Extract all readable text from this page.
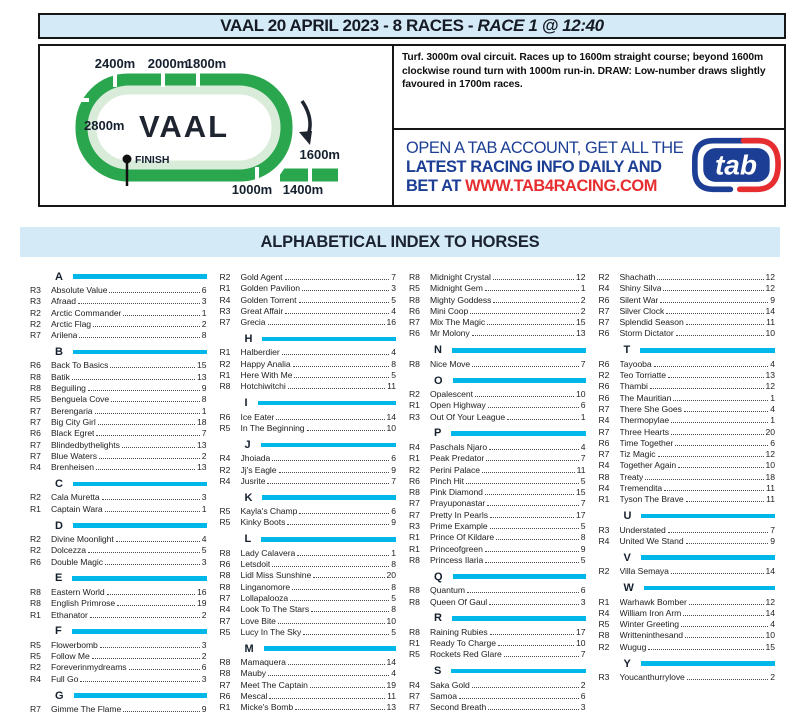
VAAL 20 APRIL 2023 - 8 RACES - RACE 1 @ 12:40
2400m 2000m
1800m
2800m
1600m
1000m 1400m
VAAL
FINISH
Turf. 3000m oval circuit. Races up to 1600m straight course; beyond 1600m clockwise round turn with 1000m run-in. DRAW: Low-number draws slightly favoured in 1700m races.
OPEN A TAB ACCOUNT, GET ALL THE
LATEST RACING INFO DAILY AND
BET AT WWW.TAB4RACING.COM
tab
ALPHABETICAL INDEX TO HORSES
A
R3	Absolute Value	6
R3	Afraad	3
R2	Arctic Commander	1
R2	Arctic Flag	2
R7	Arilena	8
B
R6	Back To Basics	15
R8	Batik	13
R8	Beguiling	9
R5	Benguela Cove	8
R7	Berengaria	1
R7	Big City Girl	18
R6	Black Egret	7
R7	Blindedbythelights	13
R7	Blue Waters	2
R4	Brenheisen	13
C
R2	Cala Muretta	3
R1	Captain Wara	1
D
R2	Divine Moonlight	4
R2	Dolcezza	5
R6	Double Magic	3
E
R8	Eastern World	16
R8	English Primrose	19
R1	Ethanator	2
F
R5	Flowerbomb	3
R5	Follow Me	2
R2	Foreverinmydreams	6
R4	Full Go	3
G
R7	Gimme The Flame	9
R2	Gold Agent	7
R1	Golden Pavilion	3
R4	Golden Torrent	5
R3	Great Affair	4
R7	Grecia	16
H
R1	Halberdier	4
R2	Happy Analia	8
R1	Here With Me	5
R8	Hotchiwitchi	11
I
R6	Ice Eater	14
R5	In The Beginning	10
J
R4	Jhoiada	6
R2	Jj's Eagle	9
R4	Jusrite	7
K
R5	Kayla's Champ	6
R5	Kinky Boots	9
L
R8	Lady Calavera	1
R6	Letsdoit	8
R8	Lidl Miss Sunshine	20
R8	Linganomore	8
R7	Lollapalooza	5
R4	Look To The Stars	8
R7	Love Bite	10
R5	Lucy In The Sky	5
M
R8	Mamaquera	14
R8	Mauby	4
R7	Meet The Captain	19
R6	Mescal	11
R1	Micke's Bomb	13
R8	Midnight Crystal	12
R5	Midnight Gem	1
R8	Mighty Goddess	2
R6	Mini Coop	2
R7	Mix The Magic	15
R6	Mr Molony	13
N
R8	Nice Move	7
O
R2	Opalescent	10
R1	Open Highway	6
R3	Out Of Your League	1
P
R4	Paschals Njaro	4
R1	Peak Predator	7
R2	Perini Palace	11
R6	Pinch Hit	5
R8	Pink Diamond	15
R7	Prayuponastar	7
R7	Pretty In Pearls	17
R3	Prime Example	5
R1	Prince Of Kildare	8
R1	Princeofgreen	9
R8	Princess Ilaria	5
Q
R8	Quantum	6
R8	Queen Of Gaul	3
R
R8	Raining Rubies	17
R1	Ready To Charge	10
R5	Rockets Red Glare	7
S
R4	Saka Gold	2
R7	Samoa	6
R7	Second Breath	3
R2	Shachath	12
R4	Shiny Silva	12
R6	Silent War	9
R7	Silver Clock	14
R7	Splendid Season	11
R6	Storm Dictator	10
T
R6	Tayooba	4
R2	Teo Torriatte	13
R6	Thambi	12
R6	The Mauritian	1
R7	There She Goes	4
R4	Thermopylae	1
R7	Three Hearts	20
R6	Time Together	6
R7	Tiz Magic	12
R4	Together Again	10
R8	Treaty	18
R4	Tremendita	11
R1	Tyson The Brave	11
U
R3	Understated	7
R4	United We Stand	9
V
R2	Villa Semaya	14
W
R1	Warhawk Bomber	12
R4	William Iron Arm	14
R5	Winter Greeting	4
R8	Writteninthesand	10
R2	Wugug	15
Y
R3	Youcanthurrylove	2
